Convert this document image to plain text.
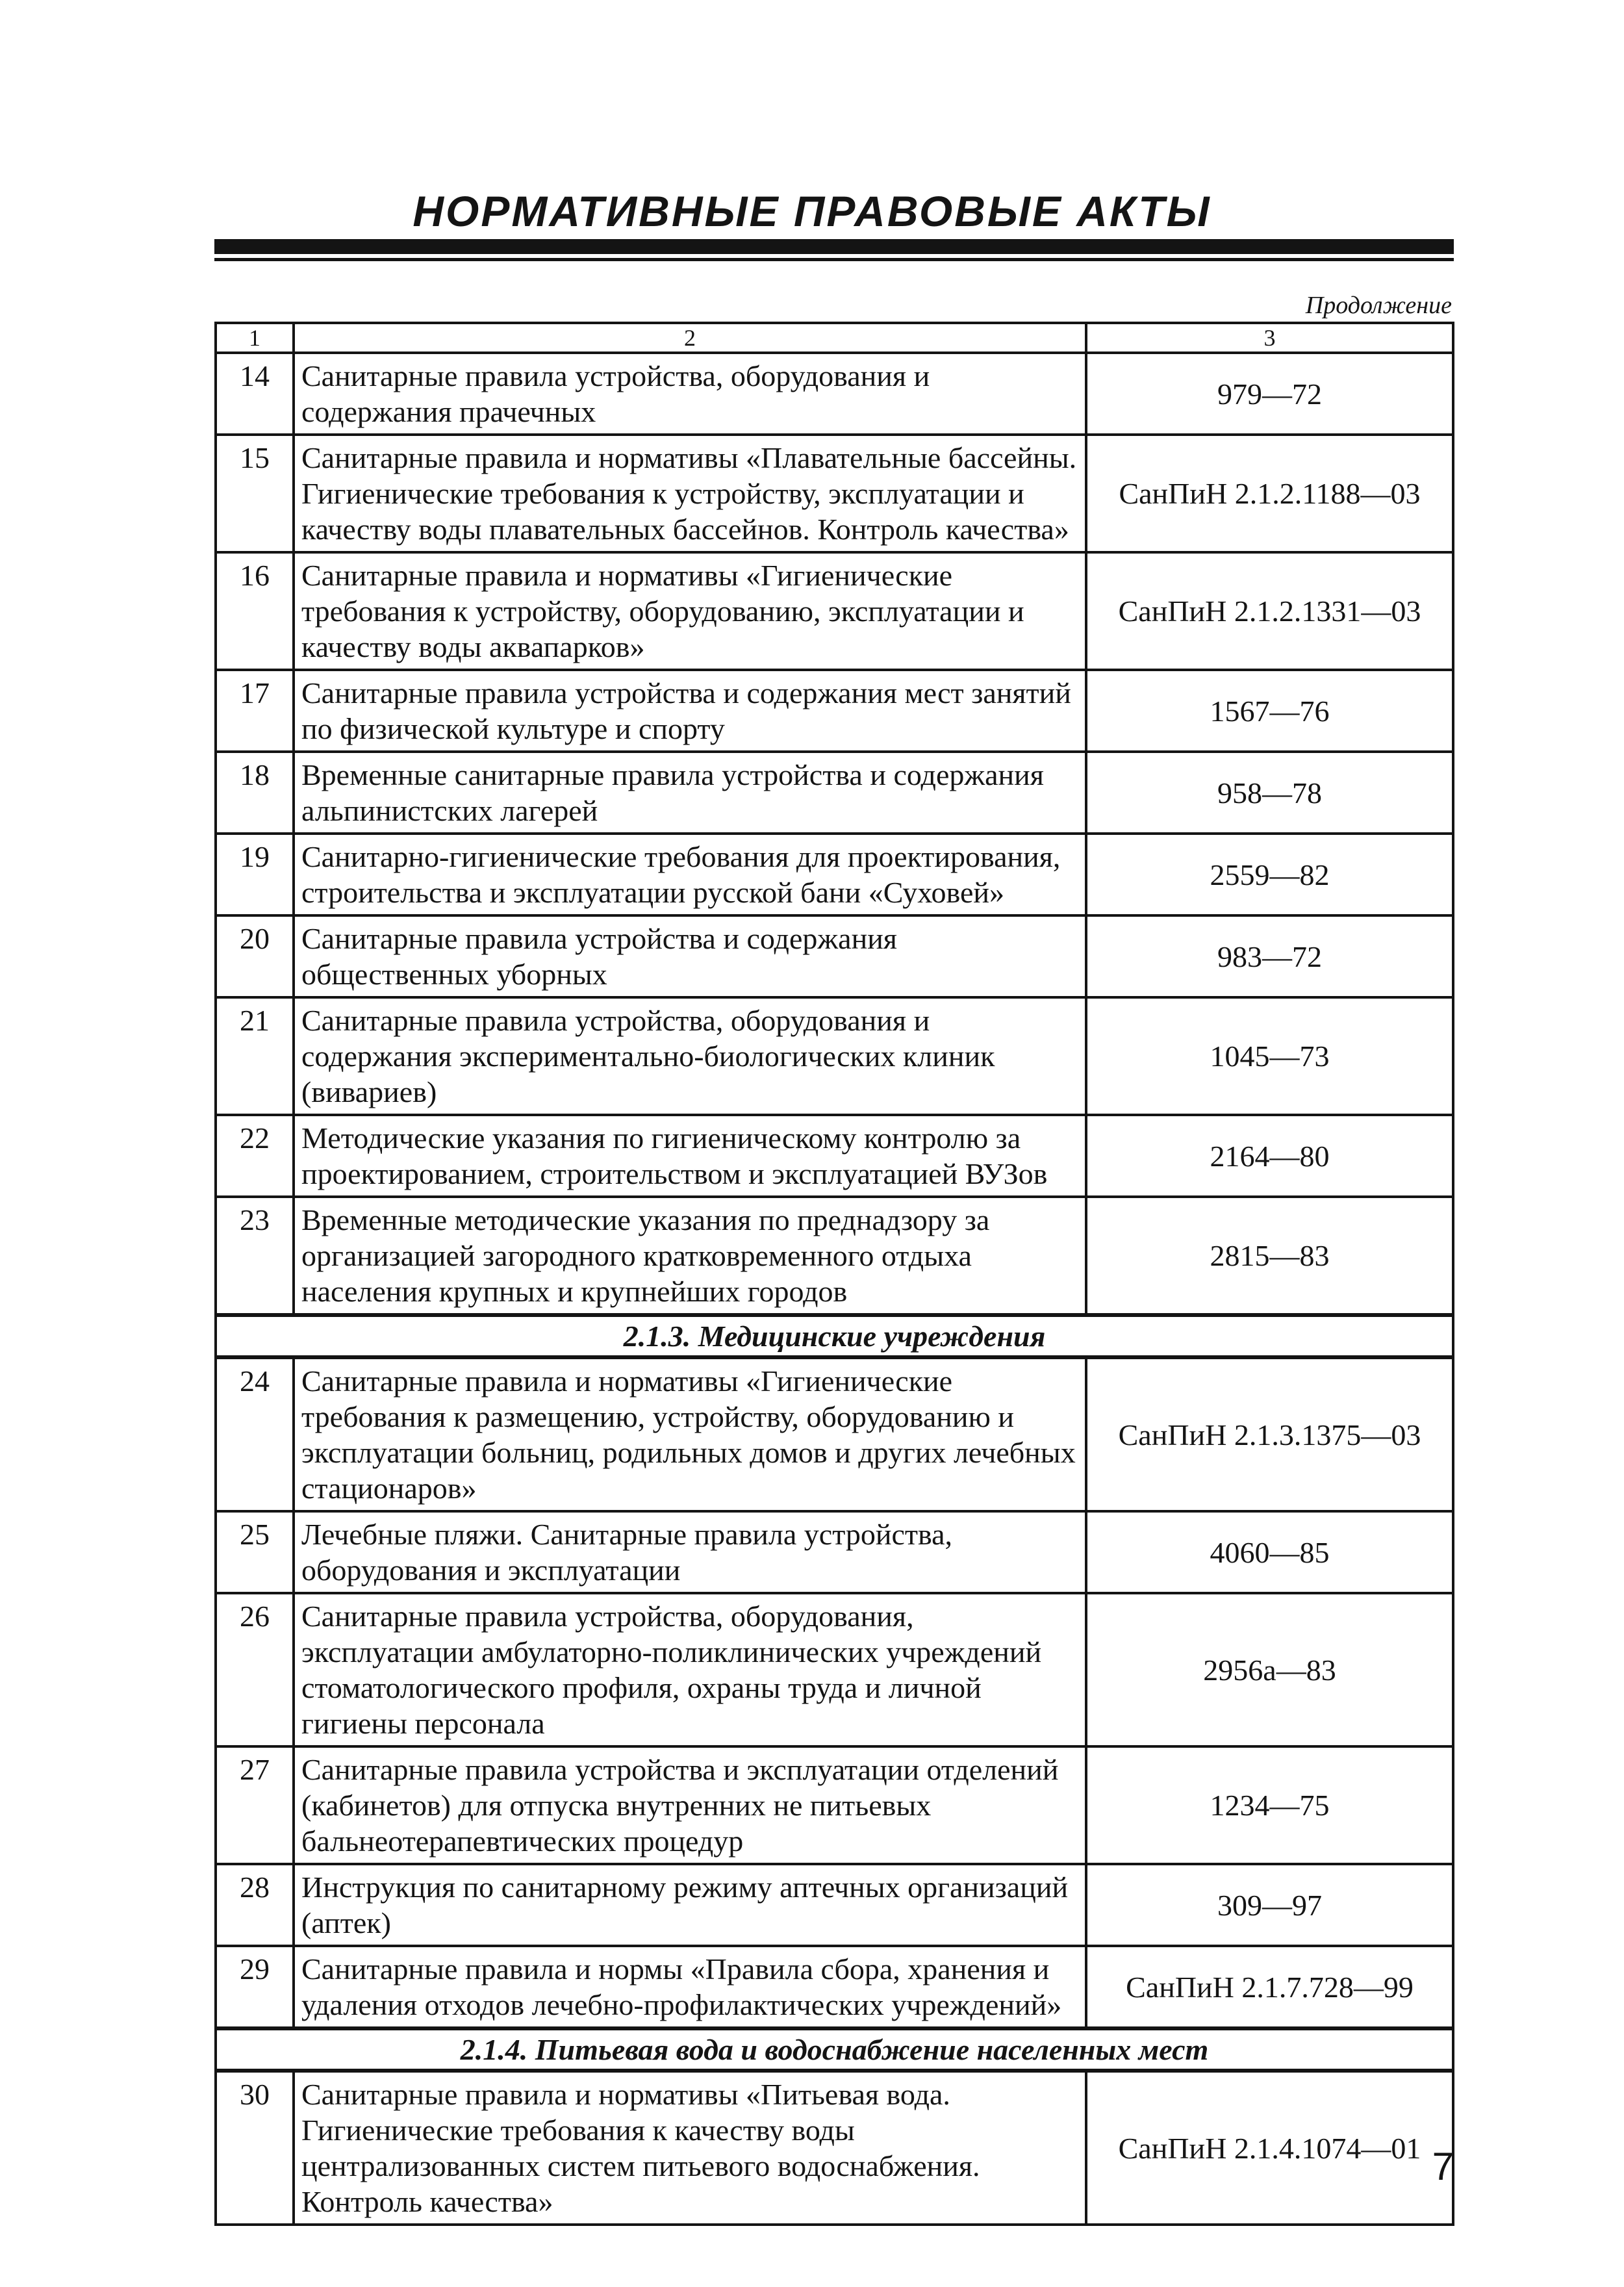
НОРМАТИВНЫЕ ПРАВОВЫЕ АКТЫ
Продолжение
1	2	3
14	Санитарные правила устройства, оборудования и содержания прачечных	979—72
15	Санитарные правила и нормативы «Плавательные бассейны. Гигиенические требования к устройству, эксплуатации и качеству воды плавательных бассейнов. Контроль качества»	СанПиН 2.1.2.1188—03
16	Санитарные правила и нормативы «Гигиенические требования к устройству, оборудованию, эксплуатации и качеству воды аквапарков»	СанПиН 2.1.2.1331—03
17	Санитарные правила устройства и содержания мест занятий по физической культуре и спорту	1567—76
18	Временные санитарные правила устройства и содержания альпинистских лагерей	958—78
19	Санитарно-гигиенические требования для проектирования, строительства и эксплуатации русской бани «Суховей»	2559—82
20	Санитарные правила устройства и содержания общественных уборных	983—72
21	Санитарные правила устройства, оборудования и содержания экспериментально-биологических клиник (вивариев)	1045—73
22	Методические указания по гигиеническому контролю за проектированием, строительством и эксплуатацией ВУЗов	2164—80
23	Временные методические указания по преднадзору за организацией загородного кратковременного отдыха населения крупных и крупнейших городов	2815—83
2.1.3. Медицинские учреждения		
24	Санитарные правила и нормативы «Гигиенические требования к размещению, устройству, оборудованию и эксплуатации больниц, родильных домов и других лечебных стационаров»	СанПиН 2.1.3.1375—03
25	Лечебные пляжи. Санитарные правила устройства, оборудования и эксплуатации	4060—85
26	Санитарные правила устройства, оборудования, эксплуатации амбулаторно-поликлинических учреждений стоматологического профиля, охраны труда и личной гигиены персонала	2956а—83
27	Санитарные правила устройства и эксплуатации отделений (кабинетов) для отпуска внутренних не питьевых бальнеотерапевтических процедур	1234—75
28	Инструкция по санитарному режиму аптечных организаций (аптек)	309—97
29	Санитарные правила и нормы «Правила сбора, хранения и удаления отходов лечебно-профилактических учреждений»	СанПиН 2.1.7.728—99
2.1.4. Питьевая вода и водоснабжение населенных мест		
30	Санитарные правила и нормативы «Питьевая вода. Гигиенические требования к качеству воды централизованных систем питьевого водоснабжения. Контроль качества»	СанПиН 2.1.4.1074—01 7
